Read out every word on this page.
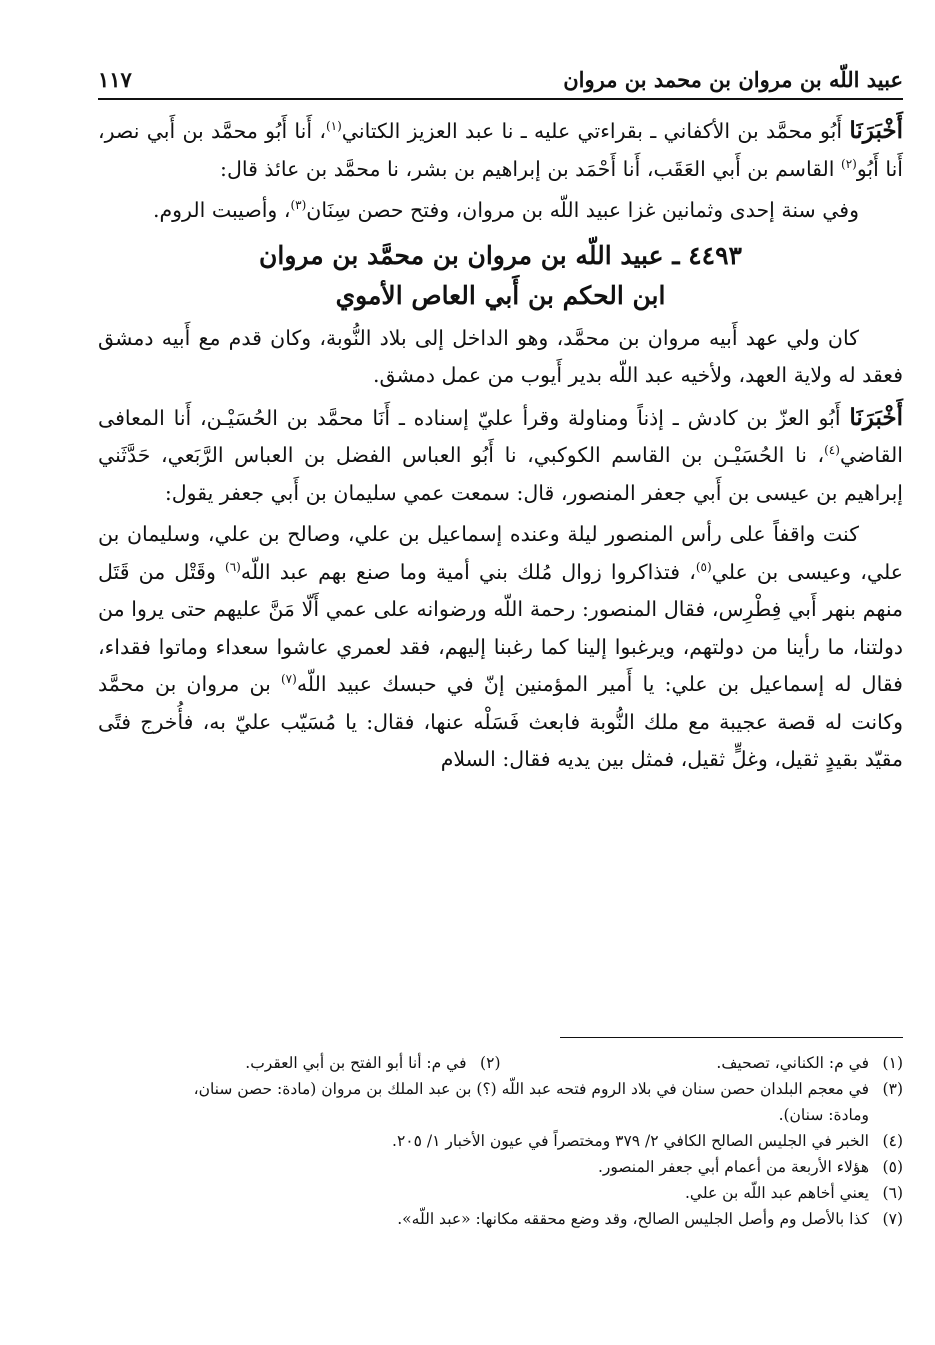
عبيد اللّه بن مروان بن محمد بن مروان
١١٧

أَخْبَرَنَا أَبُو محمَّد بن الأكفاني ـ بقراءتي عليه ـ نا عبد العزيز الكتاني$^{(١)}$، أَنا أَبُو محمَّد بن أَبي نصر، أَنا أَبُو$^{(٢)}$ القاسم بن أَبي العَقَب، أَنا أَحْمَد بن إبراهيم بن بشر، نا محمَّد بن عائذ قال:

وفي سنة إحدى وثمانين غزا عبيد اللّه بن مروان، وفتح حصن سِنَان$^{(٣)}$، وأصيبت الروم.

٤٤٩٣ ـ عبيد اللّه بن مروان بن محمَّد بن مروان
ابن الحكم بن أَبي العاص الأموي

كان ولي عهد أَبيه مروان بن محمَّد، وهو الداخل إلى بلاد النُّوبة، وكان قدم مع أَبيه دمشق فعقد له ولاية العهد، ولأخيه عبد اللّه بدير أَيوب من عمل دمشق.

أَخْبَرَنَا أَبُو العزّ بن كادش ـ إذناً ومناولة وقرأ عليّ إسناده ـ أَنَا محمَّد بن الحُسَيْـن، أَنا المعافى القاضي$^{(٤)}$، نا الحُسَيْـن بن القاسم الكوكبي، نا أَبُو العباس الفضل بن العباس الرَّبَعي، حَدَّثَني إبراهيم بن عيسى بن أَبي جعفر المنصور، قال: سمعت عمي سليمان بن أَبي جعفر يقول:

كنت واقفاً على رأس المنصور ليلة وعنده إسماعيل بن علي، وصالح بن علي، وسليمان بن علي، وعيسى بن علي$^{(٥)}$، فتذاكروا زوال مُلك بني أمية وما صنع بهم عبد اللّه$^{(٦)}$ وقَتْل من قَتَل منهم بنهر أَبي فِطْرِس، فقال المنصور: رحمة اللّه ورضوانه على عمي أَلّا مَنَّ عليهم حتى يروا من دولتنا، ما رأينا من دولتهم، ويرغبوا إلينا كما رغبنا إليهم، فقد لعمري عاشوا سعداء وماتوا فقداء، فقال له إسماعيل بن علي: يا أَمير المؤمنين إنّ في حبسك عبيد اللّه$^{(٧)}$ بن مروان بن محمَّد وكانت له قصة عجيبة مع ملك النُّوبة فابعث فَسَلْه عنها، فقال: يا مُسَيّب عليّ به، فأُخرج فتًى مقيّد بقيدٍ ثقيل، وغلٍّ ثقيل، فمثل بين يديه فقال: السلام

(١)
في م: الكناني، تصحيف.
(٢)
في م: أنا أبو الفتح بن أبي العقرب.
(٣)
في معجم البلدان حصن سنان في بلاد الروم فتحه عبد اللّه (؟) بن عبد الملك بن مروان (مادة: حصن سنان،
ومادة: سنان).
(٤)
الخبر في الجليس الصالح الكافي ٢/ ٣٧٩ ومختصراً في عيون الأخبار ١/ ٢٠٥.
(٥)
هؤلاء الأربعة من أعمام أبي جعفر المنصور.
(٦)
يعني أخاهم عبد اللّه بن علي.
(٧)
كذا بالأصل وم وأصل الجليس الصالح، وقد وضع محققه مكانها: «عبد اللّه».
